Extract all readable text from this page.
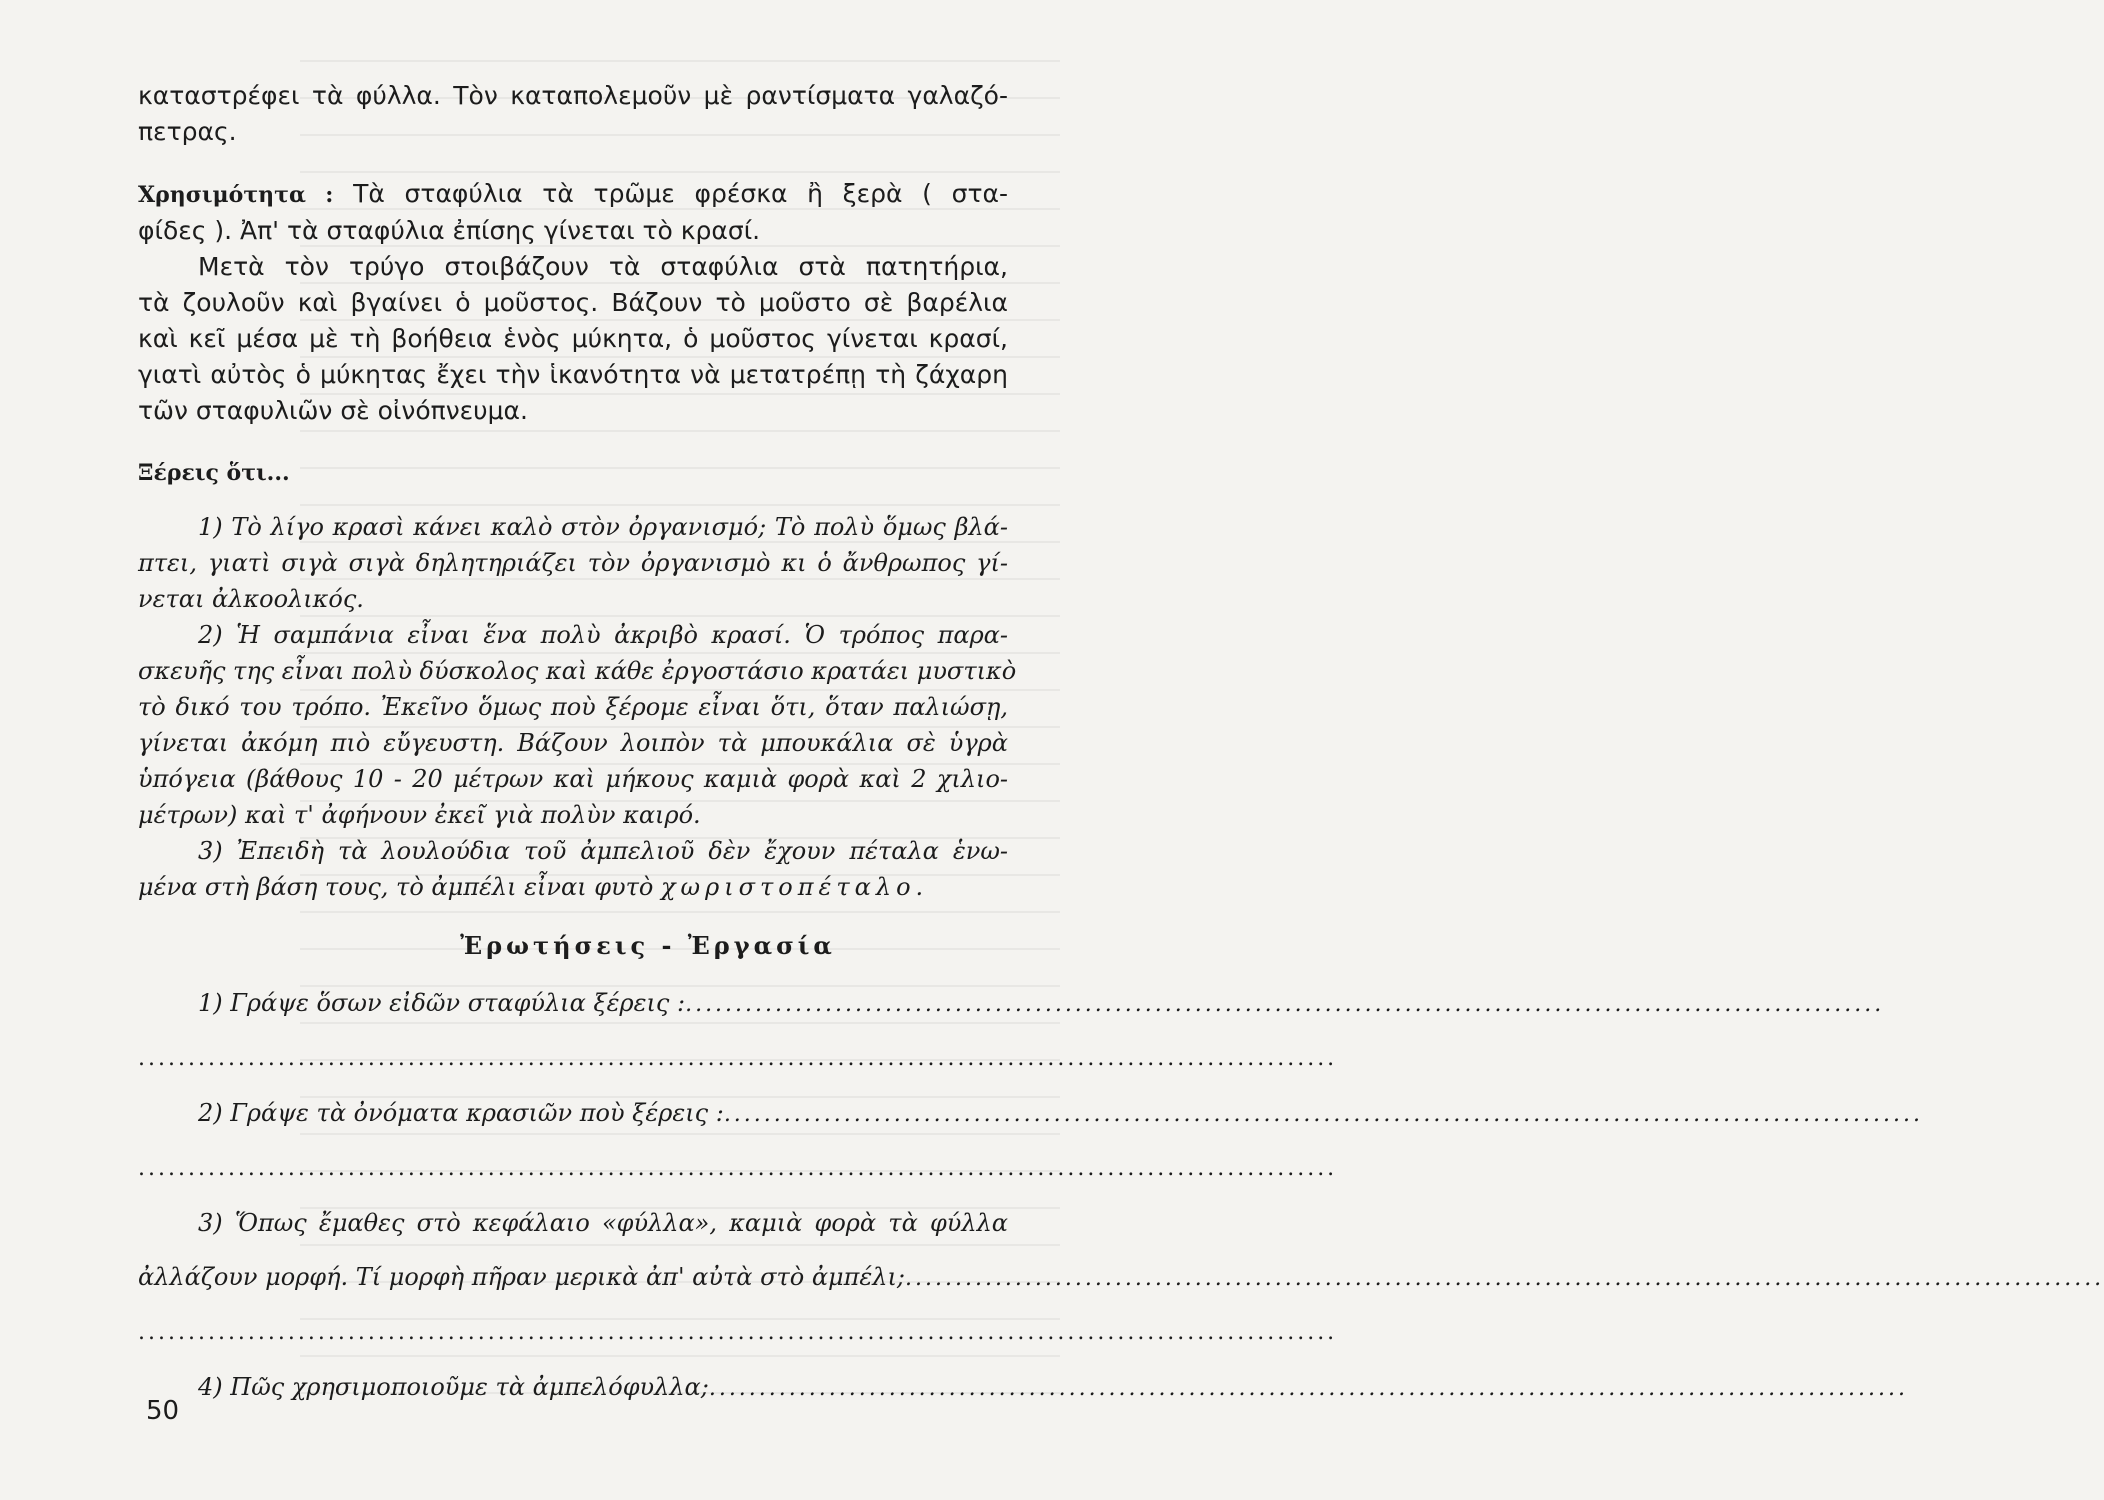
καταστρέφει τὰ φύλλα. Τὸν καταπολεμοῦν μὲ ραντίσματα γαλαζό-

πετρας.

Χρησιμότητα : Τὰ σταφύλια τὰ τρῶμε φρέσκα ἢ ξερὰ ( στα-

φίδες ). Ἀπ' τὰ σταφύλια ἐπίσης γίνεται τὸ κρασί.

Μετὰ τὸν τρύγο στοιβάζουν τὰ σταφύλια στὰ πατητήρια,

τὰ ζουλοῦν καὶ βγαίνει ὁ μοῦστος. Βάζουν τὸ μοῦστο σὲ βαρέλια

καὶ κεῖ μέσα μὲ τὴ βοήθεια ἑνὸς μύκητα, ὁ μοῦστος γίνεται κρασί,

γιατὶ αὐτὸς ὁ μύκητας ἔχει τὴν ἱκανότητα νὰ μετατρέπῃ τὴ ζάχαρη

τῶν σταφυλιῶν σὲ οἰνόπνευμα.

Ξέρεις ὅτι...

1) Τὸ λίγο κρασὶ κάνει καλὸ στὸν ὀργανισμό; Τὸ πολὺ ὅμως βλά-

πτει, γιατὶ σιγὰ σιγὰ δηλητηριάζει τὸν ὀργανισμὸ κι ὁ ἄνθρωπος γί-

νεται ἀλκοολικός.

2) Ἡ σαμπάνια εἶναι ἕνα πολὺ ἀκριβὸ κρασί. Ὁ τρόπος παρα-

σκευῆς της εἶναι πολὺ δύσκολος καὶ κάθε ἐργοστάσιο κρατάει μυστικὸ

τὸ δικό του τρόπο. Ἐκεῖνο ὅμως ποὺ ξέρομε εἶναι ὅτι, ὅταν παλιώσῃ,

γίνεται ἀκόμη πιὸ εὔγευστη. Βάζουν λοιπὸν τὰ μπουκάλια σὲ ὑγρὰ

ὑπόγεια (βάθους 10 - 20 μέτρων καὶ μήκους καμιὰ φορὰ καὶ 2 χιλιο-

μέτρων) καὶ τ' ἀφήνουν ἐκεῖ γιὰ πολὺν καιρό.

3) Ἐπειδὴ τὰ λουλούδια τοῦ ἀμπελιοῦ δὲν ἔχουν πέταλα ἑνω-

μένα στὴ βάση τους, τὸ ἀμπέλι εἶναι φυτὸ χωριστοπέταλο.

Ἐρωτήσεις - Ἐργασία
1) Γράψε ὅσων εἰδῶν σταφύλια ξέρεις : ........................................................................................................................
........................................................................................................................
2) Γράψε τὰ ὀνόματα κρασιῶν ποὺ ξέρεις : ........................................................................................................................
........................................................................................................................

3) Ὅπως ἔμαθες στὸ κεφάλαιο «φύλλα», καμιὰ φορὰ τὰ φύλλα

ἀλλάζουν μορφή. Τί μορφὴ πῆραν μερικὰ ἀπ' αὐτὰ στὸ ἀμπέλι; ........................................................................................................................
........................................................................................................................
4) Πῶς χρησιμοποιοῦμε τὰ ἀμπελόφυλλα; ........................................................................................................................
50
